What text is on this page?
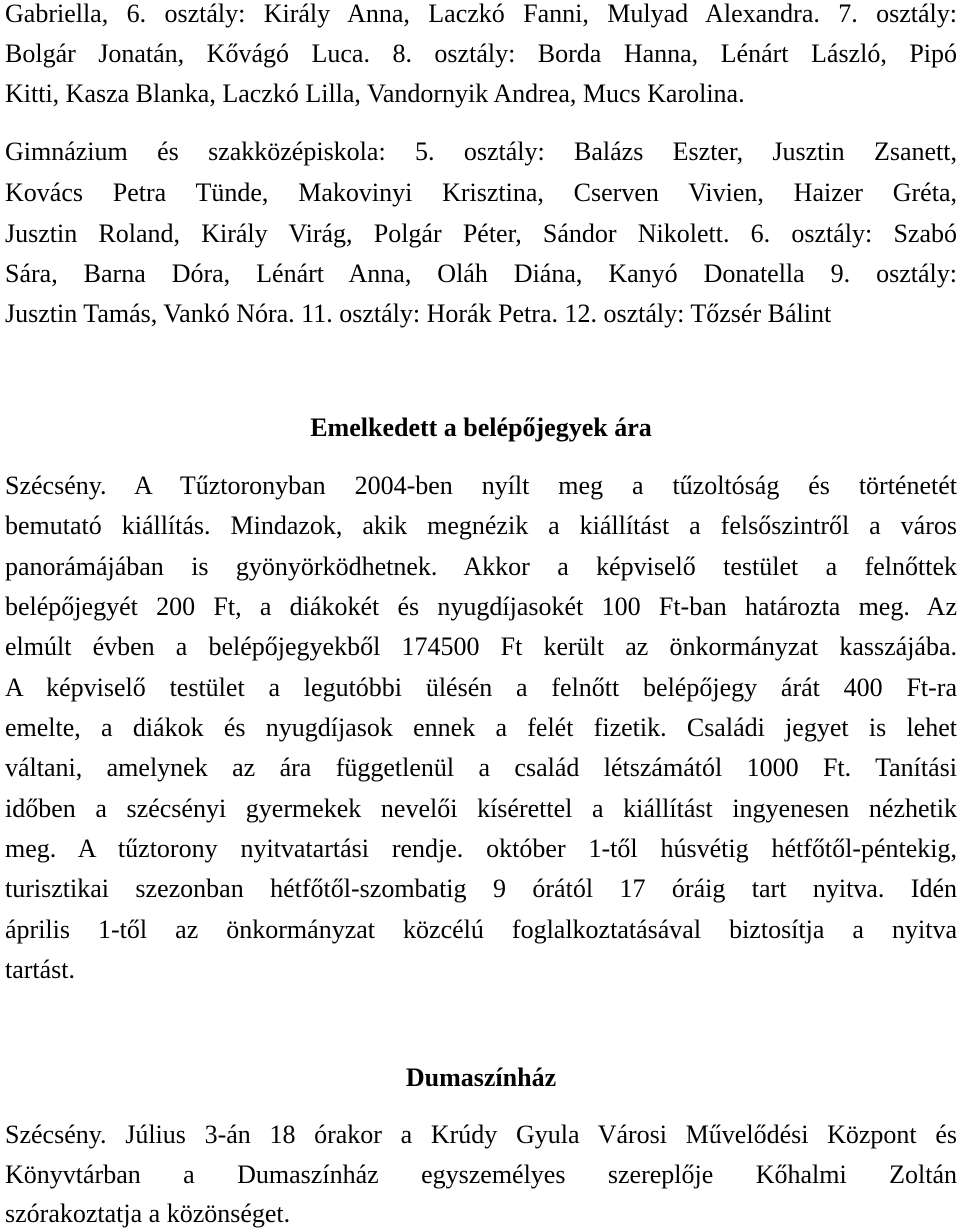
Gabriella, 6. osztály: Király Anna, Laczkó Fanni, Mulyad Alexandra. 7. osztály:
Bolgár Jonatán, Kővágó Luca. 8. osztály: Borda Hanna, Lénárt László, Pipó
Kitti, Kasza Blanka, Laczkó Lilla, Vandornyik Andrea, Mucs Karolina.
Gimnázium és szakközépiskola: 5. osztály: Balázs Eszter, Jusztin Zsanett,
Kovács Petra Tünde, Makovinyi Krisztina, Cserven Vivien, Haizer Gréta,
Jusztin Roland, Király Virág, Polgár Péter, Sándor Nikolett. 6. osztály: Szabó
Sára, Barna Dóra, Lénárt Anna, Oláh Diána, Kanyó Donatella 9. osztály:
Jusztin Tamás, Vankó Nóra. 11. osztály: Horák Petra. 12. osztály: Tőzsér Bálint
Emelkedett a belépőjegyek ára
Szécsény. A Tűztoronyban 2004-ben nyílt meg a tűzoltóság és történetét
bemutató kiállítás. Mindazok, akik megnézik a kiállítást a felsőszintről a város
panorámájában is gyönyörködhetnek. Akkor a képviselő testület a felnőttek
belépőjegyét 200 Ft, a diákokét és nyugdíjasokét 100 Ft-ban határozta meg. Az
elmúlt évben a belépőjegyekből 174500 Ft került az önkormányzat kasszájába.
A képviselő testület a legutóbbi ülésén a felnőtt belépőjegy árát 400 Ft-ra
emelte, a diákok és nyugdíjasok ennek a felét fizetik. Családi jegyet is lehet
váltani, amelynek az ára függetlenül a család létszámától 1000 Ft. Tanítási
időben a szécsényi gyermekek nevelői kísérettel a kiállítást ingyenesen nézhetik
meg. A tűztorony nyitvatartási rendje. október 1-től húsvétig hétfőtől-péntekig,
turisztikai szezonban hétfőtől-szombatig 9 órától 17 óráig tart nyitva. Idén
április 1-től az önkormányzat közcélú foglalkoztatásával biztosítja a nyitva
tartást.
Dumaszínház
Szécsény. Július 3-án 18 órakor a Krúdy Gyula Városi Művelődési Központ és
Könyvtárban a Dumaszínház egyszemélyes szereplője Kőhalmi Zoltán
szórakoztatja a közönséget.
